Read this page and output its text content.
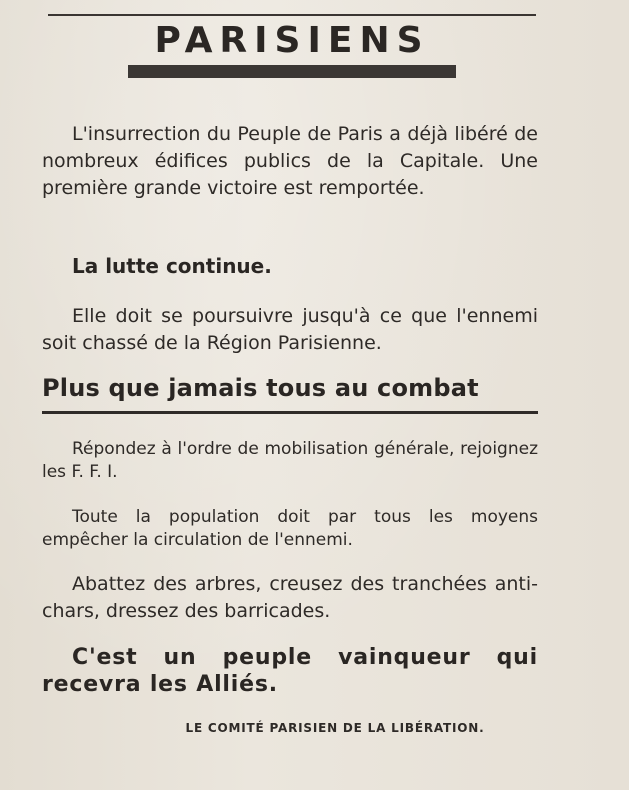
PARISIENS

L'insurrection du Peuple de Paris a déjà libéré de nombreux édifices publics de la Capitale. Une première grande victoire est remportée.

La lutte continue.

Elle doit se poursuivre jusqu'à ce que l'ennemi soit chassé de la Région Parisienne.

Plus que jamais tous au combat

Répondez à l'ordre de mobilisation générale, rejoignez les F. F. I.

Toute la population doit par tous les moyens empêcher la circulation de l'ennemi.

Abattez des arbres, creusez des tranchées anti-chars, dressez des barricades.

C'est un peuple vainqueur qui recevra les Alliés.

LE COMITÉ PARISIEN DE LA LIBÉRATION.
